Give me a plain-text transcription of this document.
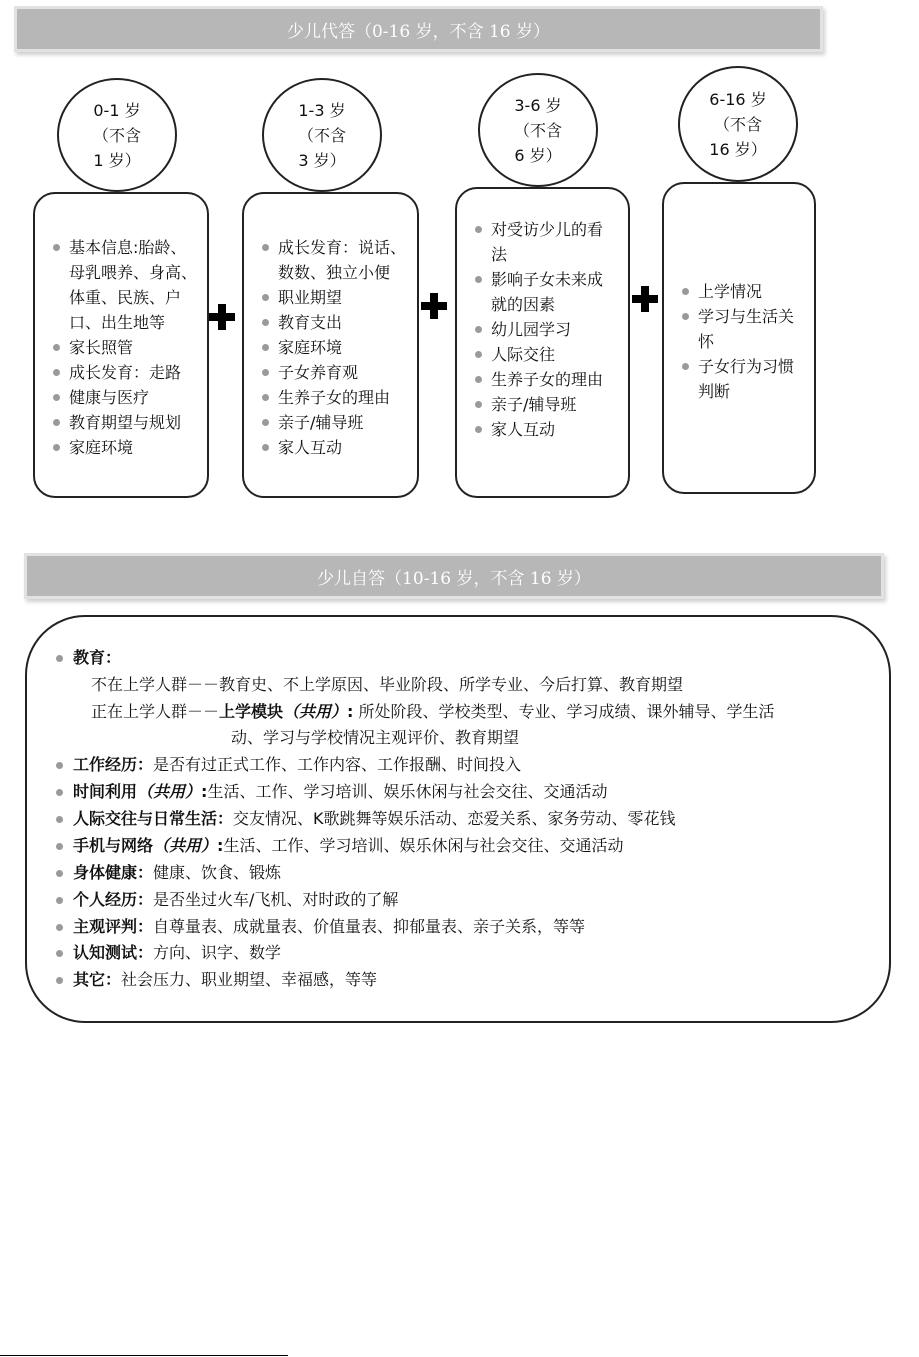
少儿代答（0-16 岁，不含 16 岁）
0-1 岁
（不含
1 岁）
基本信息:胎龄、母乳喂养、身高、体重、民族、户口、出生地等
家长照管
成长发育：走路
健康与医疗
教育期望与规划
家庭环境
1-3 岁
（不含
3 岁）
成长发育：说话、数数、独立小便
职业期望
教育支出
家庭环境
子女养育观
生养子女的理由
亲子/辅导班
家人互动
3-6 岁
（不含
6 岁）
对受访少儿的看法
影响子女未来成就的因素
幼儿园学习
人际交往
生养子女的理由
亲子/辅导班
家人互动
6-16 岁
（不含
16 岁）
上学情况
学习与生活关怀
子女行为习惯判断
少儿自答（10-16 岁，不含 16 岁）
教育：
不在上学人群－－教育史、不上学原因、毕业阶段、所学专业、今后打算、教育期望
正在上学人群－－上学模块（共用）: 所处阶段、学校类型、专业、学习成绩、课外辅导、学生活
动、学习与学校情况主观评价、教育期望
工作经历：是否有过正式工作、工作内容、工作报酬、时间投入
时间利用（共用）:生活、工作、学习培训、娱乐休闲与社会交往、交通活动
人际交往与日常生活：交友情况、K歌跳舞等娱乐活动、恋爱关系、家务劳动、零花钱
手机与网络（共用）:生活、工作、学习培训、娱乐休闲与社会交往、交通活动
身体健康：健康、饮食、锻炼
个人经历：是否坐过火车/飞机、对时政的了解
主观评判：自尊量表、成就量表、价值量表、抑郁量表、亲子关系，等等
认知测试：方向、识字、数学
其它：社会压力、职业期望、幸福感，等等
